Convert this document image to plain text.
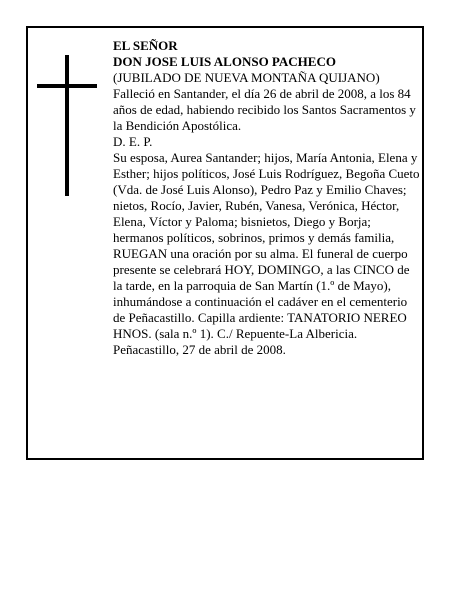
EL SEÑOR

DON JOSE LUIS ALONSO PACHECO

(JUBILADO DE NUEVA MONTAÑA QUIJANO)

Falleció en Santander, el día 26 de abril de 2008, a los 84 años de edad, habiendo recibido los Santos Sacramentos y la Bendición Apostólica.

D. E. P.

Su esposa, Aurea Santander; hijos, María Antonia, Elena y Esther; hijos políticos, José Luis Rodríguez, Begoña Cueto (Vda. de José Luis Alonso), Pedro Paz y Emilio Chaves; nietos, Rocío, Javier, Rubén, Vanesa, Verónica, Héctor, Elena, Víctor y Paloma; bisnietos, Diego y Borja; hermanos políticos, sobrinos, primos y demás familia,

RUEGAN una oración por su alma. El funeral de cuerpo presente se celebrará HOY, DOMINGO, a las CINCO de la tarde, en la parroquia de San Martín (1.º de Mayo), inhumándose a continuación el cadáver en el cementerio de Peñacastillo. Capilla ardiente: TANATORIO NEREO HNOS. (sala n.º 1). C./ Repuente-La Albericia.

Peñacastillo, 27 de abril de 2008.
